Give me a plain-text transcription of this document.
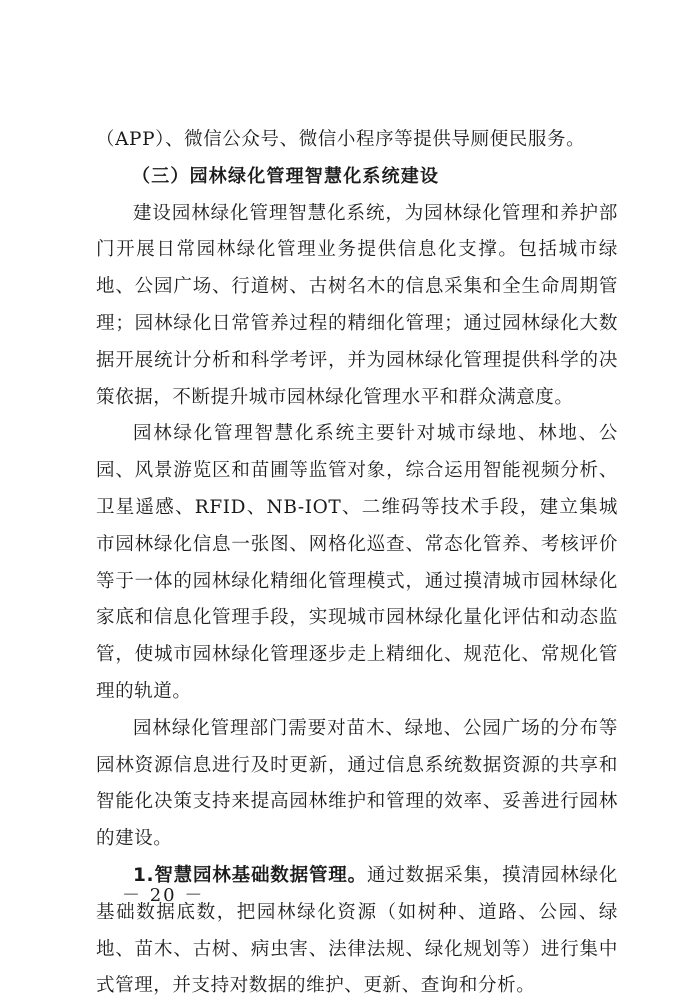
（APP）、微信公众号、微信小程序等提供导厕便民服务。

（三）园林绿化管理智慧化系统建设

建设园林绿化管理智慧化系统，为园林绿化管理和养护部门开展日常园林绿化管理业务提供信息化支撑。包括城市绿地、公园广场、行道树、古树名木的信息采集和全生命周期管理；园林绿化日常管养过程的精细化管理；通过园林绿化大数据开展统计分析和科学考评，并为园林绿化管理提供科学的决策依据，不断提升城市园林绿化管理水平和群众满意度。

园林绿化管理智慧化系统主要针对城市绿地、林地、公园、风景游览区和苗圃等监管对象，综合运用智能视频分析、卫星遥感、RFID、NB-IOT、二维码等技术手段，建立集城市园林绿化信息一张图、网格化巡查、常态化管养、考核评价等于一体的园林绿化精细化管理模式，通过摸清城市园林绿化家底和信息化管理手段，实现城市园林绿化量化评估和动态监管，使城市园林绿化管理逐步走上精细化、规范化、常规化管理的轨道。

园林绿化管理部门需要对苗木、绿地、公园广场的分布等园林资源信息进行及时更新，通过信息系统数据资源的共享和智能化决策支持来提高园林维护和管理的效率、妥善进行园林的建设。

1.智慧园林基础数据管理。通过数据采集，摸清园林绿化基础数据底数，把园林绿化资源（如树种、道路、公园、绿地、苗木、古树、病虫害、法律法规、绿化规划等）进行集中式管理，并支持对数据的维护、更新、查询和分析。

－ 20 －
